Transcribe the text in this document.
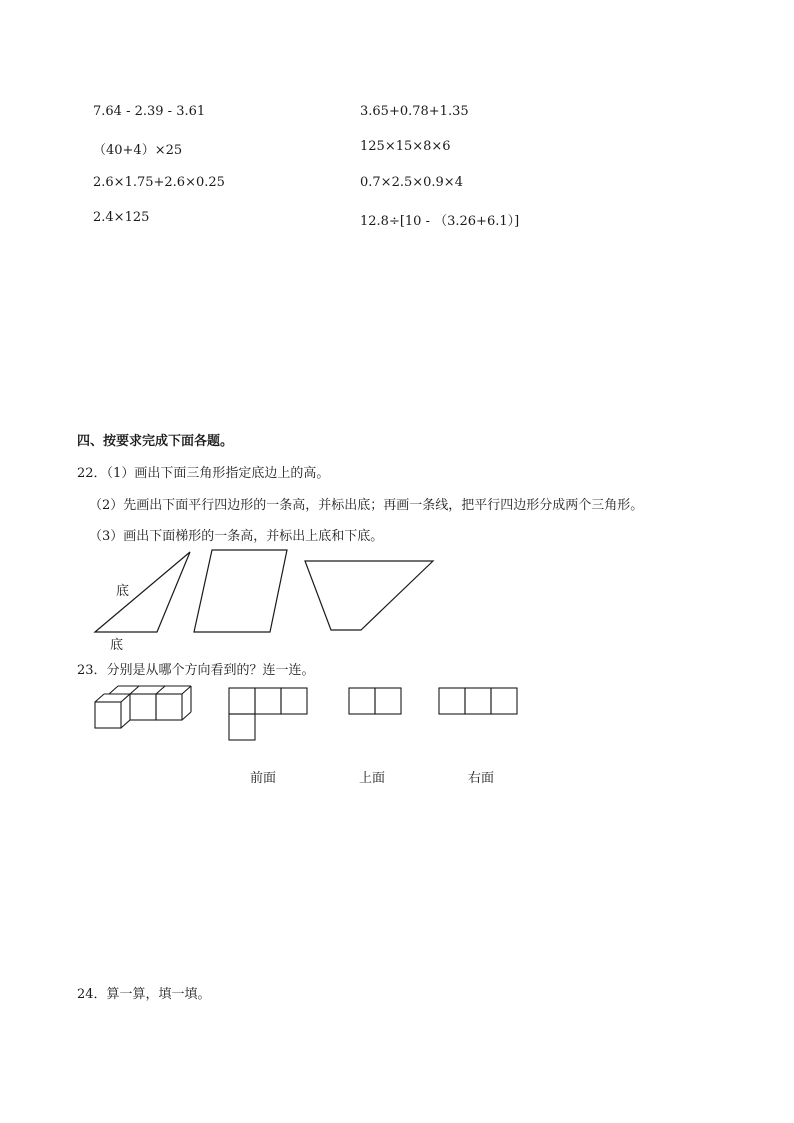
7.64 - 2.39 - 3.61
（40+4）×25
2.6×1.75+2.6×0.25
2.4×125
3.65+0.78+1.35
125×15×8×6
0.7×2.5×0.9×4
12.8÷[10 - （3.26+6.1）]
四、按要求完成下面各题。
22．（1）画出下面三角形指定底边上的高。
（2）先画出下面平行四边形的一条高，并标出底；再画一条线，把平行四边形分成两个三角形。
（3）画出下面梯形的一条高，并标出上底和下底。
底
底
23．分别是从哪个方向看到的？连一连。
前面	上面	右面
24．算一算，填一填。
